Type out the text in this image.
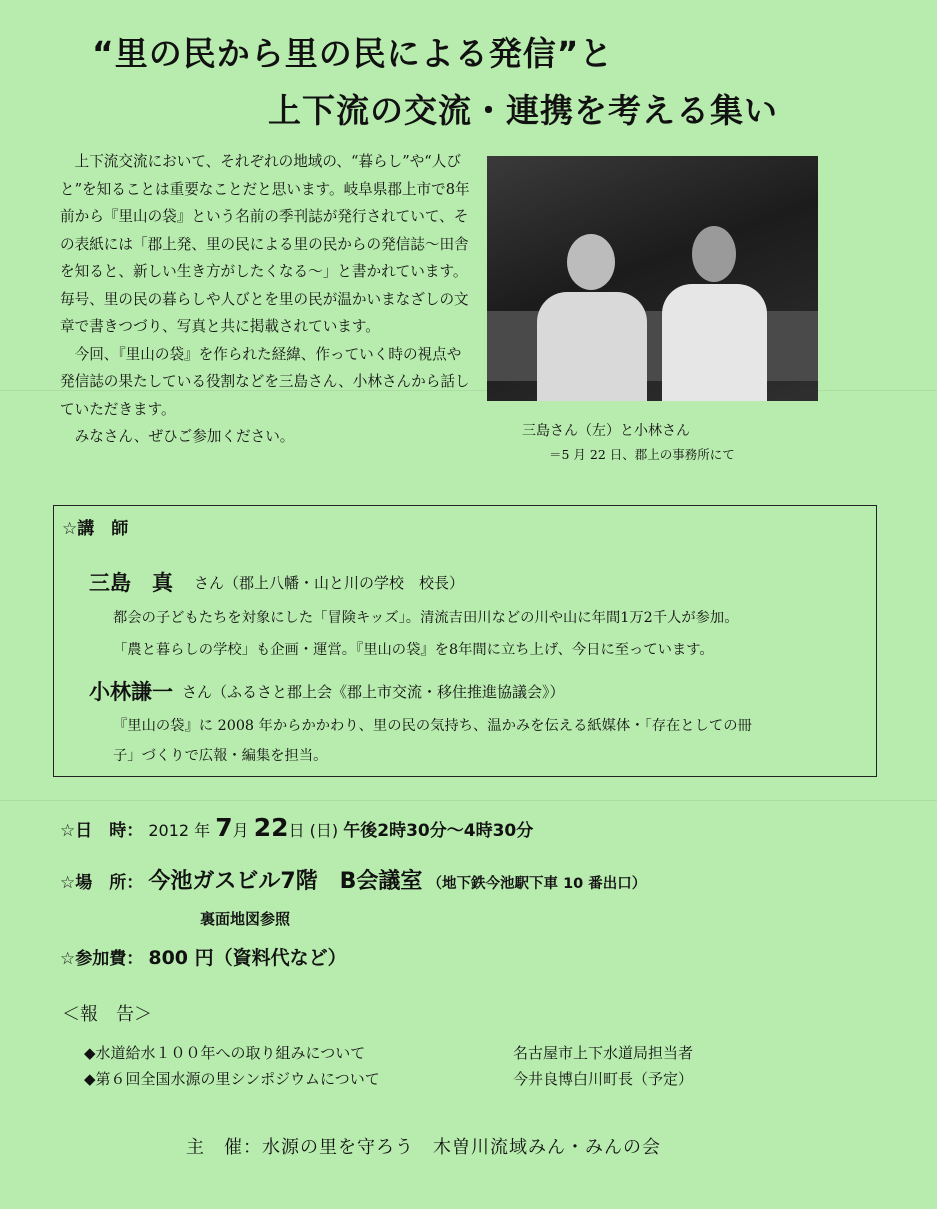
“里の民から里の民による発信”と
上下流の交流・連携を考える集い

上下流交流において、それぞれの地域の、“暮らし”や“人びと”を知ることは重要なことだと思います。岐阜県郡上市で8年前から『里山の袋』という名前の季刊誌が発行されていて、その表紙には「郡上発、里の民による里の民からの発信誌～田舎を知ると、新しい生き方がしたくなる～」と書かれています。毎号、里の民の暮らしや人びとを里の民が温かいまなざしの文章で書きつづり、写真と共に掲載されています。

今回、『里山の袋』を作られた経緯、作っていく時の視点や発信誌の果たしている役割などを三島さん、小林さんから話していただきます。

みなさん、ぜひご参加ください。	三島さん（左）と小林さん
＝5 月 22 日、郡上の事務所にて
☆講　師
三島　真 さん（郡上八幡・山と川の学校　校長）
都会の子どもたちを対象にした「冒険キッズ」。清流吉田川などの川や山に年間1万2千人が参加。
「農と暮らしの学校」も企画・運営。『里山の袋』を8年間に立ち上げ、今日に至っています。
小林謙一 さん（ふるさと郡上会《郡上市交流・移住推進協議会》）
『里山の袋』に 2008 年からかかわり、里の民の気持ち、温かみを伝える紙媒体・「存在としての冊
子」づくりで広報・編集を担当。
☆日　時： 2012 年 7月 22日 (日) 午後2時30分～4時30分
☆場　所： 今池ガスビル7階　B会議室 （地下鉄今池駅下車 10 番出口）
裏面地図参照
☆参加費： 800 円（資料代など）
＜報　告＞
◆水道給水１００年への取り組みについて	名古屋市上下水道局担当者
◆第６回全国水源の里シンポジウムについて	今井良博白川町長（予定）
主　催：水源の里を守ろう　木曽川流域みん・みんの会
